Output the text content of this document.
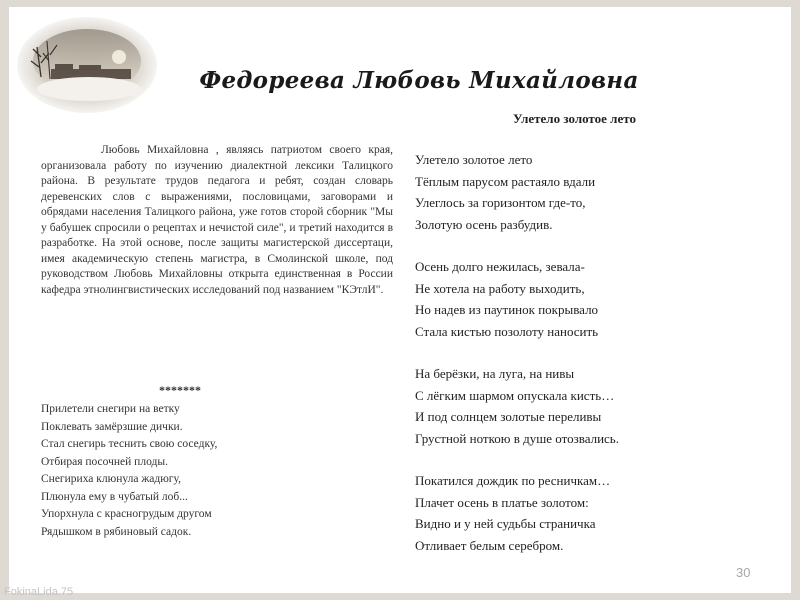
Федореева Любовь Михайловна
Любовь Михайловна , являясь патриотом своего края, организовала работу по изучению диалектной лексики Талицкого района. В результате трудов педагога и ребят, создан словарь деревенских слов с выражениями, пословицами, заговорами и обрядами населения Талицкого района, уже готов сторой сборник "Мы у бабушек спросили о рецептах и нечистой силе", и третий находится в разработке. На этой основе, после защиты магистерской диссертаци, имея академическую степень магистра, в Смолинской школе, под руководством Любовь Михайловны открыта единственная в России кафедра этнолингвистических исследований под названием "КЭтлИ".
*******
Прилетели снегири на ветку
Поклевать замёрзшие дички.
Стал снегирь теснить свою соседку,
Отбирая посочней плоды.
Снегириха клюнула жадюгу,
Плюнула ему в чубатый лоб...
Упорхнула с красногрудым другом
Рядышком в рябиновый садок.
Улетело золотое лето
Улетело золотое лето
Тёплым парусом растаяло вдали
Улеглось за горизонтом где-то,
Золотую осень разбудив.
Осень долго нежилась, зевала-
Не хотела на работу выходить,
Но надев из паутинок покрывало
Стала кистью позолоту наносить
На берёзки, на луга, на нивы
С лёгким шармом опускала кисть…
И под солнцем золотые переливы
Грустной ноткою в душе отозвались.
Покатился дождик по ресничкам…
Плачет осень в платье золотом:
Видно и у ней судьбы страничка
Отливает белым серебром.
30
FokinaLida.75
